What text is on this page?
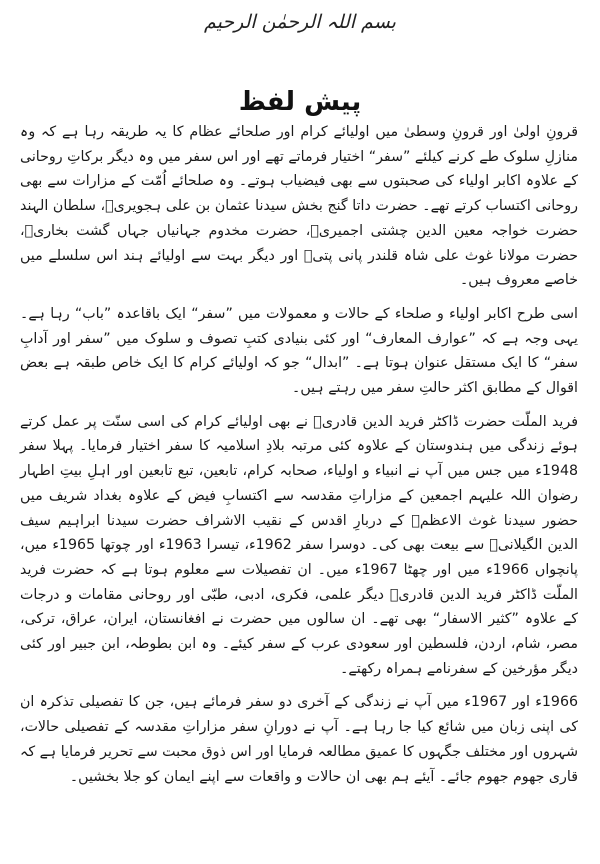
بسم اللہ الرحمٰن الرحیم
پیش لفظ

قرونِ اولیٰ اور قرونِ وسطیٰ میں اولیائے کرام اور صلحائے عظام کا یہ طریقہ رہا ہے کہ وہ منازلِ سلوک طے کرنے کیلئے ”سفر“ اختیار فرماتے تھے اور اس سفر میں وہ دیگر برکاتِ روحانی کے علاوہ اکابر اولیاء کی صحبتوں سے بھی فیضیاب ہوتے۔ وہ صلحائے اُمّت کے مزارات سے بھی روحانی اکتساب کرتے تھے۔ حضرت داتا گنج بخش سیدنا عثمان بن علی ہجویریؒ، سلطان الہند حضرت خواجہ معین الدین چشتی اجمیریؒ، حضرت مخدوم جہانیاں جہاں گشت بخاریؒ، حضرت مولانا غوث علی شاہ قلندر پانی پتیؒ اور دیگر بہت سے اولیائے ہند اس سلسلے میں خاصے معروف ہیں۔

اسی طرح اکابر اولیاء و صلحاء کے حالات و معمولات میں ”سفر“ ایک باقاعدہ ”باب“ رہا ہے۔ یہی وجہ ہے کہ ”عوارف المعارف“ اور کئی بنیادی کتبِ تصوف و سلوک میں ”سفر اور آدابِ سفر“ کا ایک مستقل عنوان ہوتا ہے۔ ”ابدال“ جو کہ اولیائے کرام کا ایک خاص طبقہ ہے بعض اقوال کے مطابق اکثر حالتِ سفر میں رہتے ہیں۔

فرید الملّت حضرت ڈاکٹر فرید الدین قادریؒ نے بھی اولیائے کرام کی اسی سنّت پر عمل کرتے ہوئے زندگی میں ہندوستان کے علاوہ کئی مرتبہ بلادِ اسلامیہ کا سفر اختیار فرمایا۔ پہلا سفر 1948ء میں جس میں آپ نے انبیاء و اولیاء، صحابہ کرام، تابعین، تبع تابعین اور اہلِ بیتِ اطہار رضوان اللہ علیہم اجمعین کے مزاراتِ مقدسہ سے اکتسابِ فیض کے علاوہ بغداد شریف میں حضور سیدنا غوث الاعظمؓ کے دربارِ اقدس کے نقیب الاشراف حضرت سیدنا ابراہیم سیف الدین الگیلانیؒ سے بیعت بھی کی۔ دوسرا سفر 1962ء، تیسرا 1963ء اور چوتھا 1965ء میں، پانچواں 1966ء میں اور چھٹا 1967ء میں۔ ان تفصیلات سے معلوم ہوتا ہے کہ حضرت فرید الملّت ڈاکٹر فرید الدین قادریؒ دیگر علمی، فکری، ادبی، طبّی اور روحانی مقامات و درجات کے علاوہ ”کثیر الاسفار“ بھی تھے۔ ان سالوں میں حضرت نے افغانستان، ایران، عراق، ترکی، مصر، شام، اردن، فلسطین اور سعودی عرب کے سفر کیئے۔ وہ ابن بطوطہ، ابن جبیر اور کئی دیگر مؤرخین کے سفرنامے ہمراہ رکھتے۔

1966ء اور 1967ء میں آپ نے زندگی کے آخری دو سفر فرمائے ہیں، جن کا تفصیلی تذکرہ ان کی اپنی زبان میں شائع کیا جا رہا ہے۔ آپ نے دورانِ سفر مزاراتِ مقدسہ کے تفصیلی حالات، شہروں اور مختلف جگہوں کا عمیق مطالعہ فرمایا اور اس ذوق محبت سے تحریر فرمایا ہے کہ قاری جھوم جھوم جائے۔ آیئے ہم بھی ان حالات و واقعات سے اپنے ایمان کو جلا بخشیں۔
